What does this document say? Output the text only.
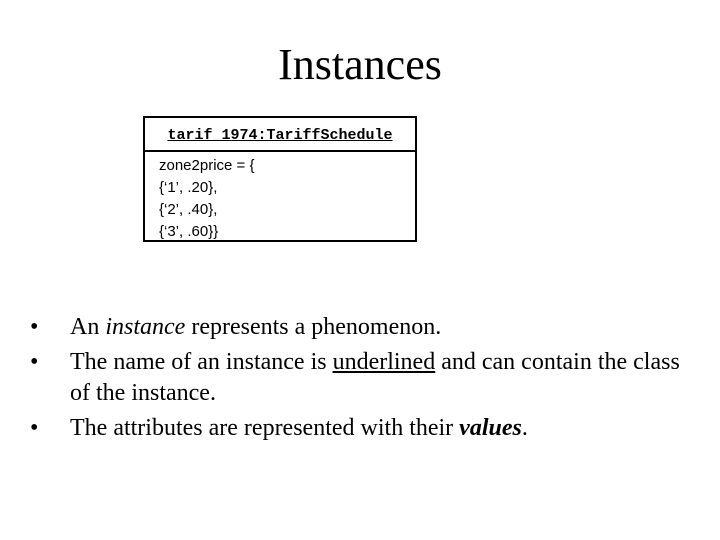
Instances
tarif_1974:TariffSchedule
zone2price = {
{‘1’, .20},
{‘2’, .40},
{‘3’, .60}}
• An instance represents a phenomenon.
• The name of an instance is underlined and can contain the class of the instance.
• The attributes are represented with their values.
